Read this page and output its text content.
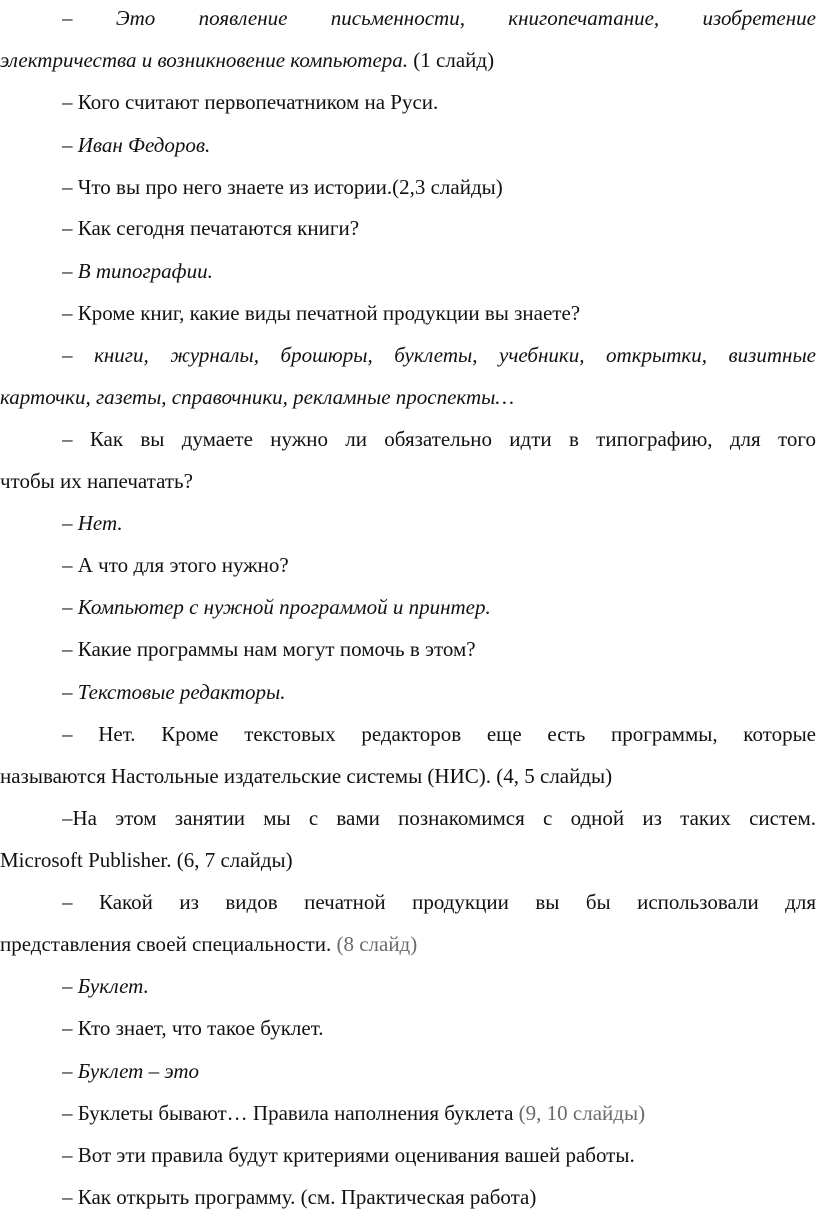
– Это появление письменности, книгопечатание, изобретение
электричества и возникновение компьютера. (1 слайд)
– Кого считают первопечатником на Руси.
– Иван Федоров.
– Что вы про него знаете из истории.(2,3 слайды)
– Как сегодня печатаются книги?
– В типографии.
– Кроме книг, какие виды печатной продукции вы знаете?
– книги, журналы, брошюры, буклеты, учебники, открытки, визитные
карточки, газеты, справочники, рекламные проспекты…
– Как вы думаете нужно ли обязательно идти в типографию, для того
чтобы их напечатать?
– Нет.
– А что для этого нужно?
– Компьютер с нужной программой и принтер.
– Какие программы нам могут помочь в этом?
– Текстовые редакторы.
– Нет. Кроме текстовых редакторов еще есть программы, которые
называются Настольные издательские системы (НИС). (4, 5 слайды)
–На этом занятии мы с вами познакомимся с одной из таких систем.
Microsoft Publisher. (6, 7 слайды)
– Какой из видов печатной продукции вы бы использовали для
представления своей специальности. (8 слайд)
– Буклет.
– Кто знает, что такое буклет.
– Буклет – это
– Буклеты бывают… Правила наполнения буклета (9, 10 слайды)
– Вот эти правила будут критериями оценивания вашей работы.
– Как открыть программу. (см. Практическая работа)
